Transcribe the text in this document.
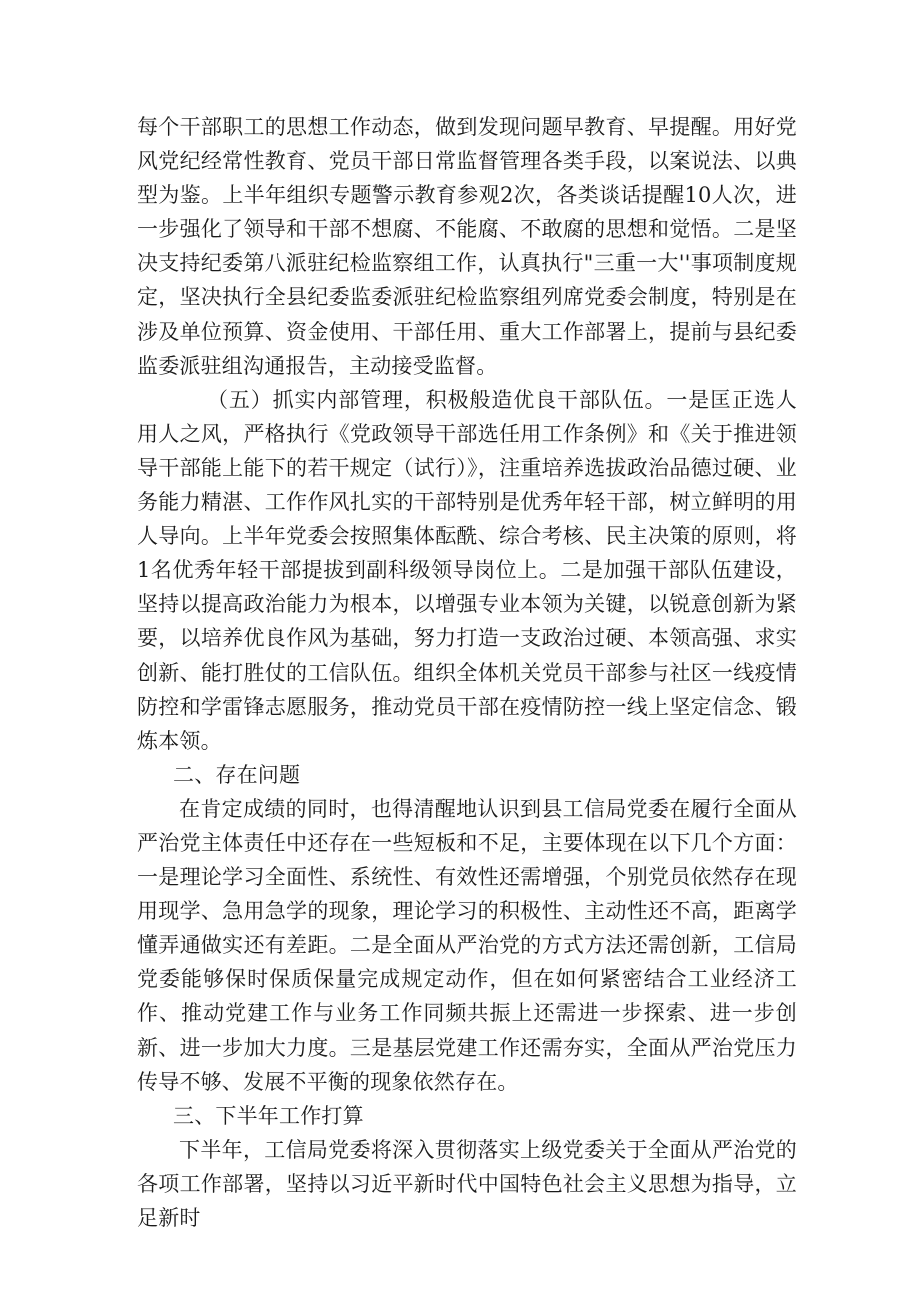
每个干部职工的思想工作动态，做到发现问题早教育、早提醒。用好党风党纪经常性教育、党员干部日常监督管理各类手段，以案说法、以典型为鉴。上半年组织专题警示教育参观2次，各类谈话提醒10人次，进一步强化了领导和干部不想腐、不能腐、不敢腐的思想和觉悟。二是坚决支持纪委第八派驻纪检监察组工作，认真执行"三重一大''事项制度规定，坚决执行全县纪委监委派驻纪检监察组列席党委会制度，特别是在涉及单位预算、资金使用、干部任用、重大工作部署上，提前与县纪委监委派驻组沟通报告，主动接受监督。

（五）抓实内部管理，积极般造优良干部队伍。一是匡正选人用人之风，严格执行《党政领导干部选任用工作条例》和《关于推进领导干部能上能下的若干规定（试行）》，注重培养选拔政治品德过硬、业务能力精湛、工作作风扎实的干部特别是优秀年轻干部，树立鲜明的用人导向。上半年党委会按照集体酝酰、综合考核、民主决策的原则，将1名优秀年轻干部提拔到副科级领导岗位上。二是加强干部队伍建设，坚持以提高政治能力为根本，以增强专业本领为关键，以锐意创新为紧要，以培养优良作风为基础，努力打造一支政治过硬、本领高强、求实创新、能打胜仗的工信队伍。组织全体机关党员干部参与社区一线疫情防控和学雷锋志愿服务，推动党员干部在疫情防控一线上坚定信念、锻炼本领。

二、存在问题

在肯定成绩的同时，也得清醒地认识到县工信局党委在履行全面从严治党主体责任中还存在一些短板和不足，主要体现在以下几个方面：一是理论学习全面性、系统性、有效性还需增强，个别党员依然存在现用现学、急用急学的现象，理论学习的积极性、主动性还不高，距离学懂弄通做实还有差距。二是全面从严治党的方式方法还需创新，工信局党委能够保时保质保量完成规定动作，但在如何紧密结合工业经济工作、推动党建工作与业务工作同频共振上还需进一步探索、进一步创新、进一步加大力度。三是基层党建工作还需夯实，全面从严治党压力传导不够、发展不平衡的现象依然存在。

三、下半年工作打算

下半年，工信局党委将深入贯彻落实上级党委关于全面从严治党的各项工作部署，坚持以习近平新时代中国特色社会主义思想为指导，立足新时
